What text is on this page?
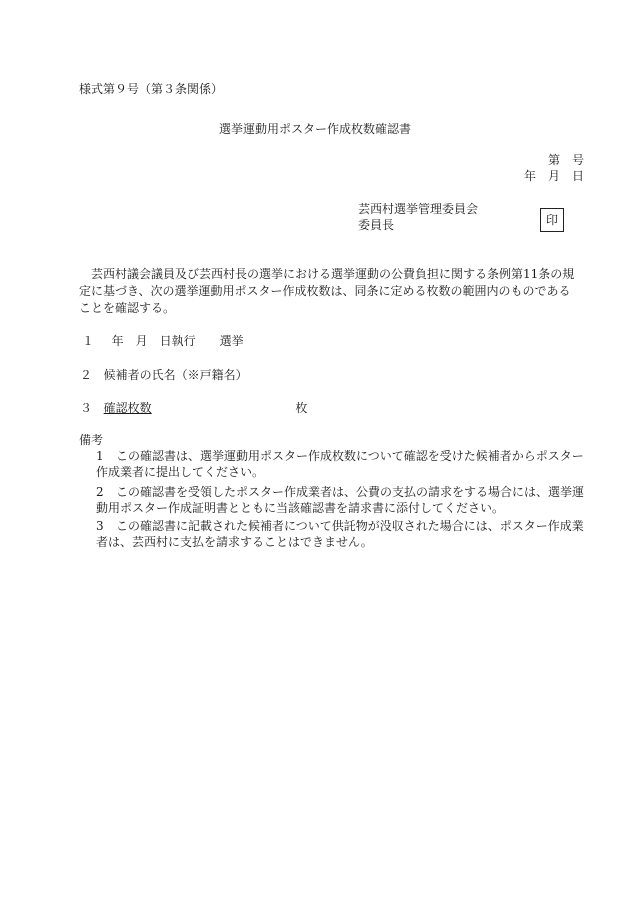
様式第９号（第３条関係）
選挙運動用ポスター作成枚数確認書
第　号
年　月　日
芸西村選挙管理委員会
委員長	印
芸西村議会議員及び芸西村長の選挙における選挙運動の公費負担に関する条例第11条の規定に基づき、次の選挙運動用ポスター作成枚数は、同条に定める枚数の範囲内のものであることを確認する。
１ 年　月　日執行　　選挙
２ 候補者の氏名（※戸籍名）
３ 確認枚数	枚
備考
1 この確認書は、選挙運動用ポスター作成枚数について確認を受けた候補者からポスター作成業者に提出してください。
2 この確認書を受領したポスター作成業者は、公費の支払の請求をする場合には、選挙運動用ポスター作成証明書とともに当該確認書を請求書に添付してください。
3 この確認書に記載された候補者について供託物が没収された場合には、ポスター作成業者は、芸西村に支払を請求することはできません。
